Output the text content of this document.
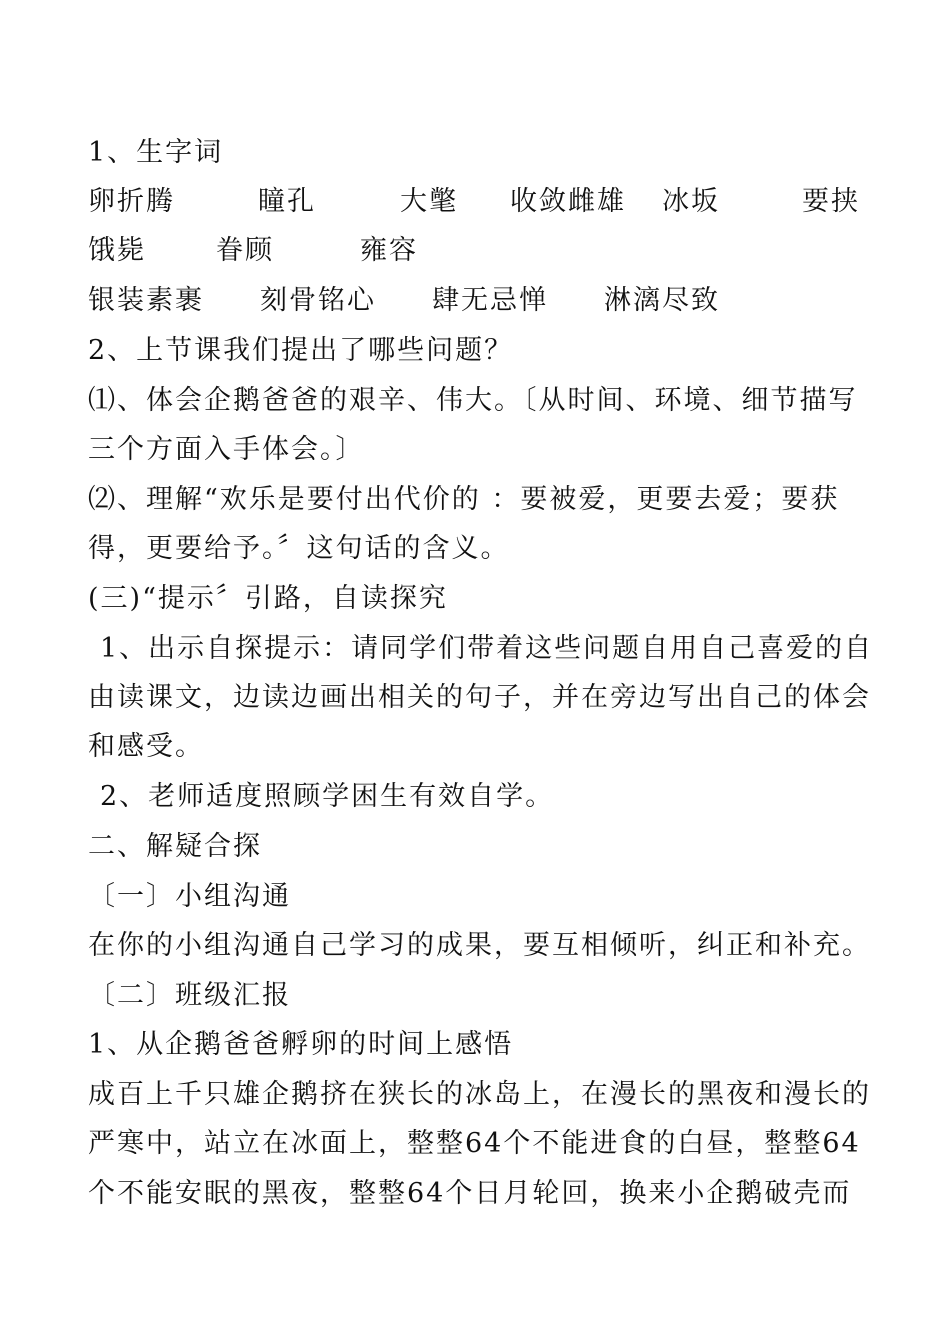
1、生字词
卵折腾	瞳孔	大氅 收敛雌雄 冰坂	要挟
饿毙	眷顾	雍容
银装素裹 刻骨铭心 肆无忌惮 淋漓尽致
2、上节课我们提出了哪些问题？
⑴、体会企鹅爸爸的艰辛、伟大。〔从时间、环境、细节描写
三个方面入手体会。〕
⑵、理解“欢乐是要付出代价的 ：要被爱，更要去爱；要获
得，更要给予。〞这句话的含义。
(三)“提示〞引路，自读探究
1、出示自探提示：请同学们带着这些问题自用自己喜爱的自
由读课文，边读边画出相关的句子，并在旁边写出自己的体会
和感受。
2、老师适度照顾学困生有效自学。
二、解疑合探
〔一〕小组沟通
在你的小组沟通自己学习的成果，要互相倾听，纠正和补充。
〔二〕班级汇报
1、从企鹅爸爸孵卵的时间上感悟
成百上千只雄企鹅挤在狭长的冰岛上，在漫长的黑夜和漫长的
严寒中，站立在冰面上，整整64个不能进食的白昼，整整64
个不能安眠的黑夜，整整64个日月轮回，换来小企鹅破壳而
